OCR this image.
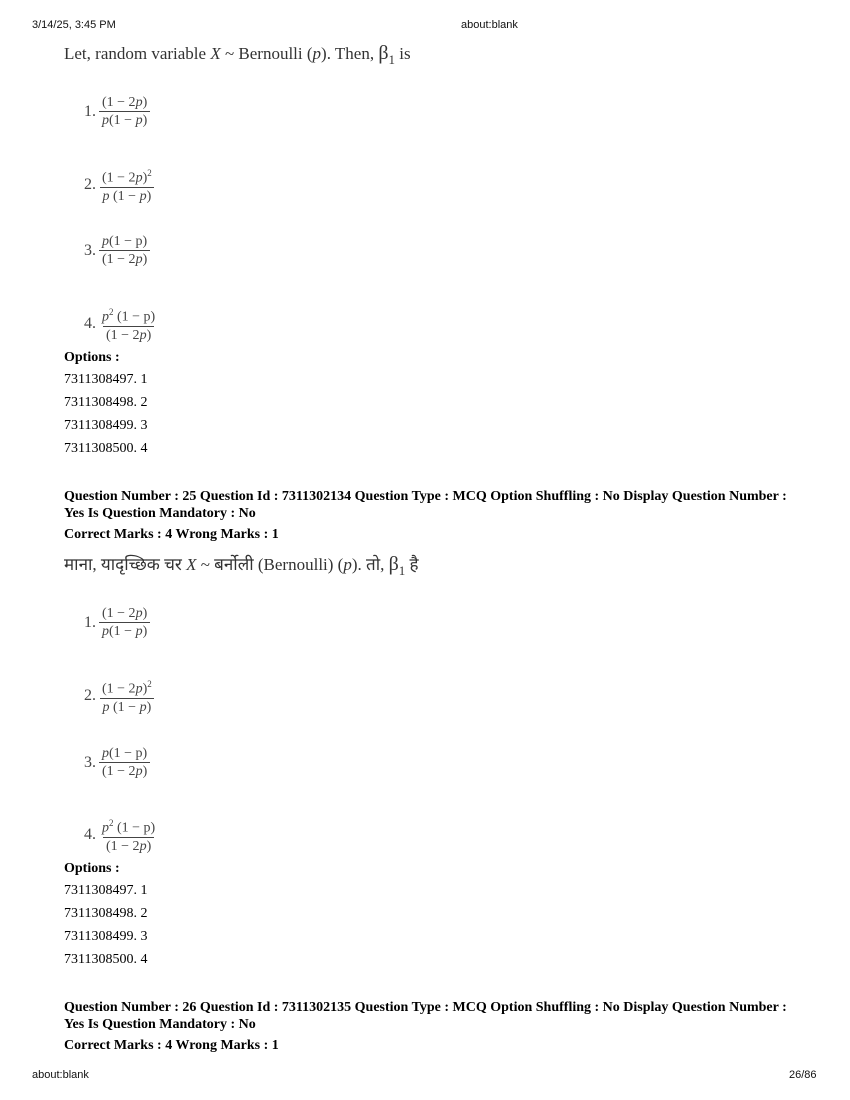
3/14/25, 3:45 PM	about:blank
Let, random variable X ~ Bernoulli (p). Then, $\beta_1$ is
1. $\frac{(1 - 2p)}{p(1 - p)}$
2. $\frac{(1 - 2p)^2}{p (1 - p)}$
3. $\frac{p(1 - p)}{(1 - 2p)}$
4. $\frac{p^2 (1 - p)}{(1 - 2p)}$
Options :
7311308497. 1
7311308498. 2
7311308499. 3
7311308500. 4
Question Number : 25 Question Id : 7311302134 Question Type : MCQ Option Shuffling : No Display Question Number : Yes Is Question Mandatory : No
Correct Marks : 4 Wrong Marks : 1
माना, यादृच्छिक चर X ~ बर्नोली (Bernoulli) (p). तो, $\beta_1$ है
1. $\frac{(1 - 2p)}{p(1 - p)}$
2. $\frac{(1 - 2p)^2}{p (1 - p)}$
3. $\frac{p(1 - p)}{(1 - 2p)}$
4. $\frac{p^2 (1 - p)}{(1 - 2p)}$
Options :
7311308497. 1
7311308498. 2
7311308499. 3
7311308500. 4
Question Number : 26 Question Id : 7311302135 Question Type : MCQ Option Shuffling : No Display Question Number : Yes Is Question Mandatory : No
Correct Marks : 4 Wrong Marks : 1
about:blank	26/86
